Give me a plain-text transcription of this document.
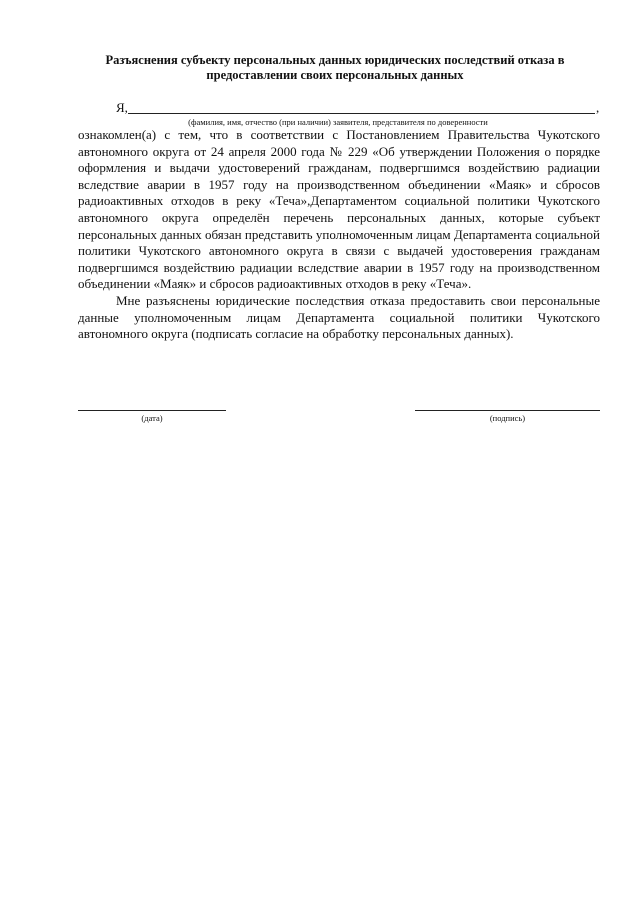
Разъяснения субъекту персональных данных юридических последствий отказа в предоставлении своих персональных данных
Я,	,
(фамилия, имя, отчество (при наличии) заявителя, представителя по доверенности

ознакомлен(а) с тем, что в соответствии с Постановлением Правительства Чукотского автономного округа от 24 апреля 2000 года № 229 «Об утверждении Положения о порядке оформления и выдачи удостоверений гражданам, подвергшимся воздействию радиации вследствие аварии в 1957 году на производственном объединении «Маяк» и сбросов радиоактивных отходов в реку «Теча»,Департаментом социальной политики Чукотского автономного округа определён перечень персональных данных, которые субъект персональных данных обязан представить уполномоченным лицам Департамента социальной политики Чукотского автономного округа в связи с выдачей удостоверения гражданам подвергшимся воздействию радиации вследствие аварии в 1957 году на производственном объединении «Маяк» и сбросов радиоактивных отходов в реку «Теча».

Мне разъяснены юридические последствия отказа предоставить свои персональные данные уполномоченным лицам Департамента социальной политики Чукотского автономного округа (подписать согласие на обработку персональных данных).

(дата)	(подпись)
